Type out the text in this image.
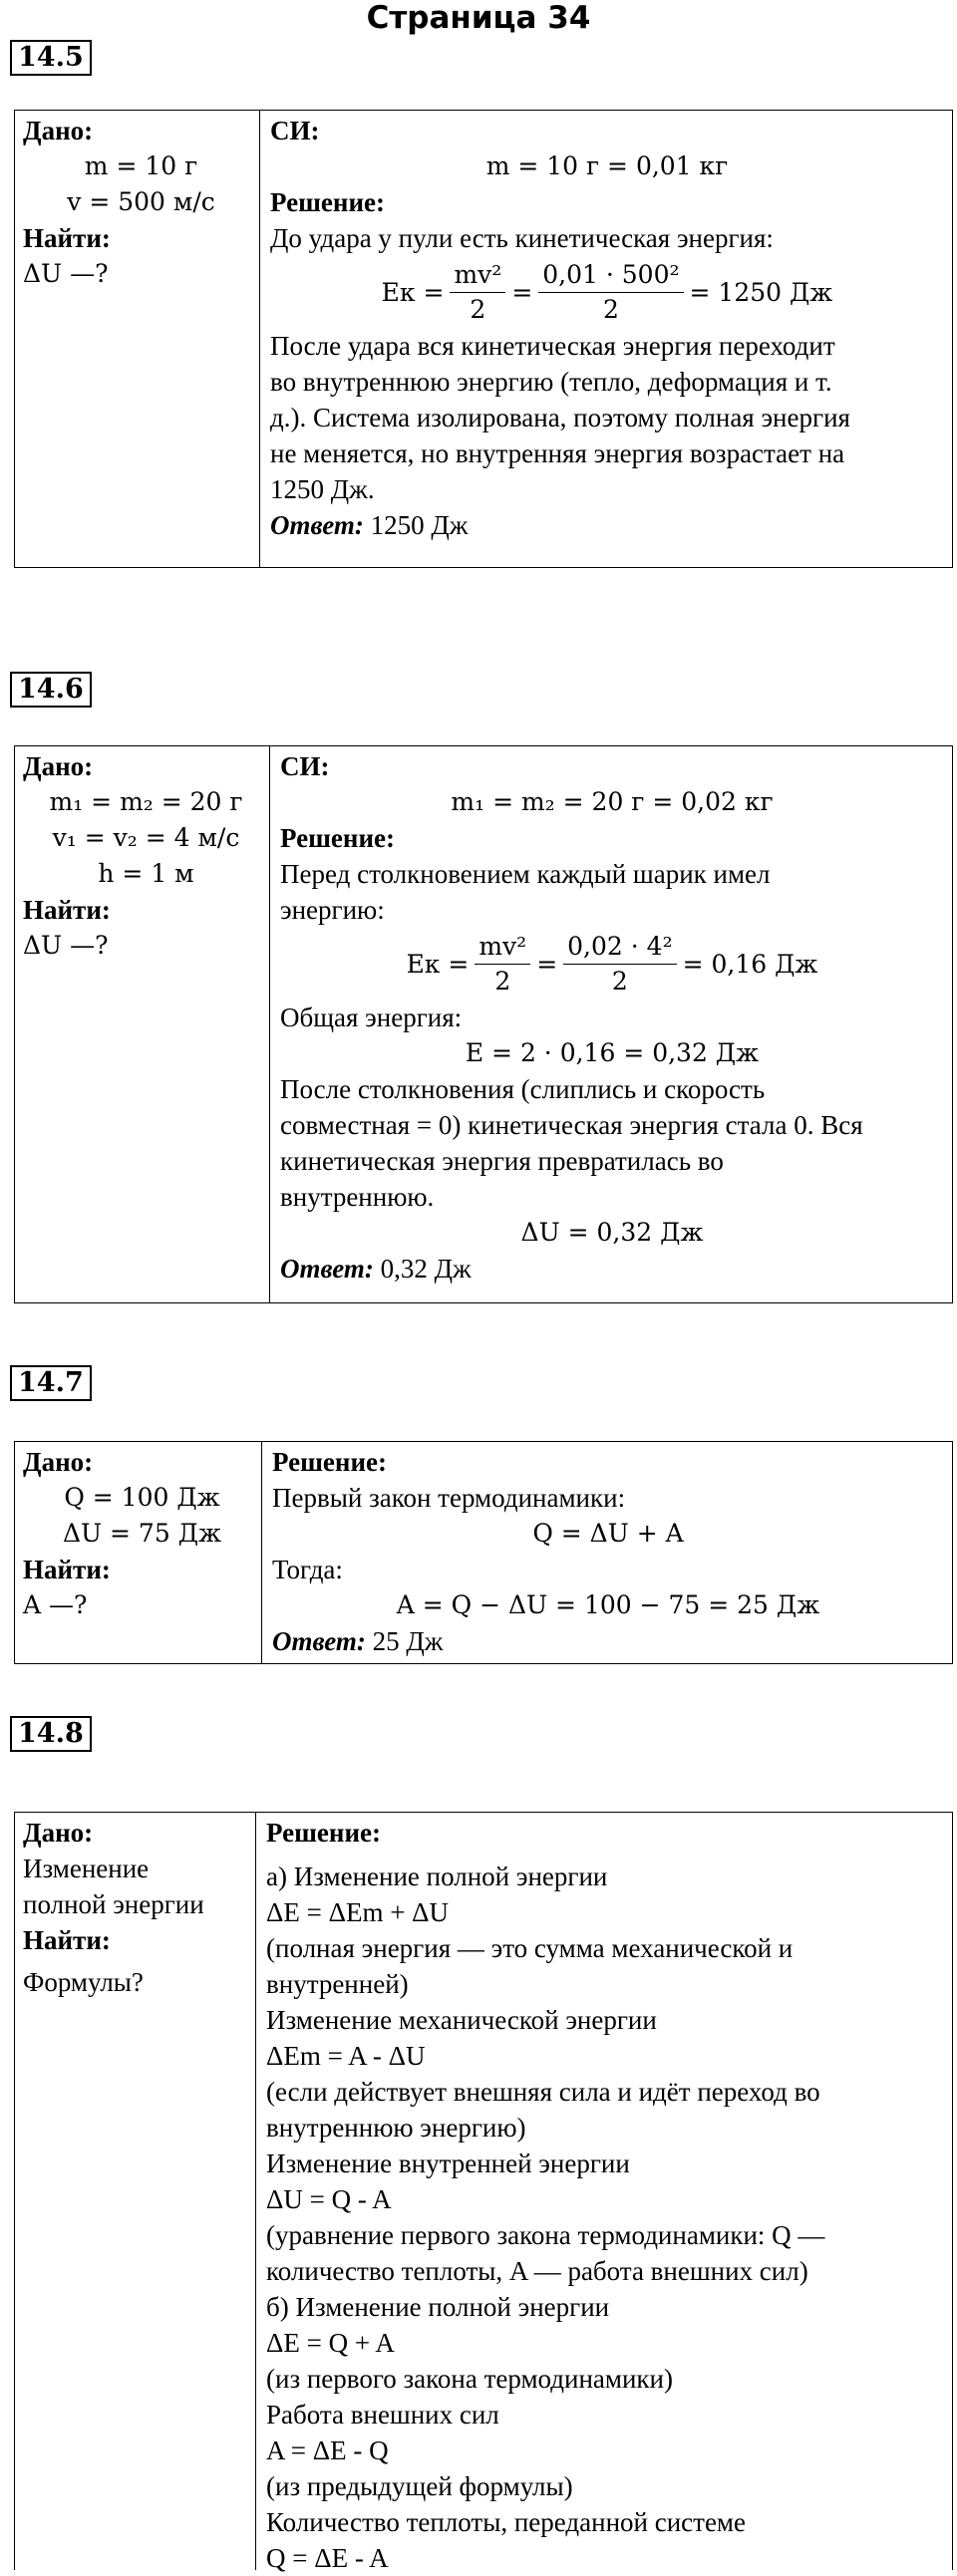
Страница 34
14.5
Дано:
m = 10 г
v = 500 м/с
Найти:
ΔU —?
СИ:
m = 10 г = 0,01 кг
Решение:
До удара у пули есть кинетическая энергия:
Eк = $\frac{\text{mv²}}{2} = \frac{\text{0,01 · 500²}}{2} = 1250$ Дж
После удара вся кинетическая энергия переходит
во внутреннюю энергию (тепло, деформация и т.
д.). Система изолирована, поэтому полная энергия
не меняется, но внутренняя энергия возрастает на
1250 Дж.
Ответ: 1250 Дж
14.6
Дано:
m₁ = m₂ = 20 г
v₁ = v₂ = 4 м/с
h = 1 м
Найти:
ΔU —?
СИ:
m₁ = m₂ = 20 г = 0,02 кг
Решение:
Перед столкновением каждый шарик имел
энергию:
Eк = $\frac{\text{mv²}}{2} = \frac{\text{0,02 · 4²}}{2} = 0,16$ Дж
Общая энергия:
E = 2 · 0,16 = 0,32 Дж
После столкновения (слиплись и скорость
совместная = 0) кинетическая энергия стала 0. Вся
кинетическая энергия превратилась во
внутреннюю.
ΔU = 0,32 Дж
Ответ: 0,32 Дж
14.7
Дано:
Q = 100 Дж
ΔU = 75 Дж
Найти:
A —?
Решение:
Первый закон термодинамики:
Q = ΔU + A
Тогда:
A = Q − ΔU = 100 − 75 = 25 Дж
Ответ: 25 Дж
14.8
Дано:
Изменение
полной энергии
Найти:
Формулы?
Решение:
а) Изменение полной энергии
ΔE = ΔEm + ΔU
(полная энергия — это сумма механической и
внутренней)
Изменение механической энергии
ΔEm = A - ΔU
(если действует внешняя сила и идёт переход во
внутреннюю энергию)
Изменение внутренней энергии
ΔU = Q - A
(уравнение первого закона термодинамики: Q —
количество теплоты, A — работа внешних сил)
б) Изменение полной энергии
ΔE = Q + A
(из первого закона термодинамики)
Работа внешних сил
A = ΔE - Q
(из предыдущей формулы)
Количество теплоты, переданной системе
Q = ΔE - A
